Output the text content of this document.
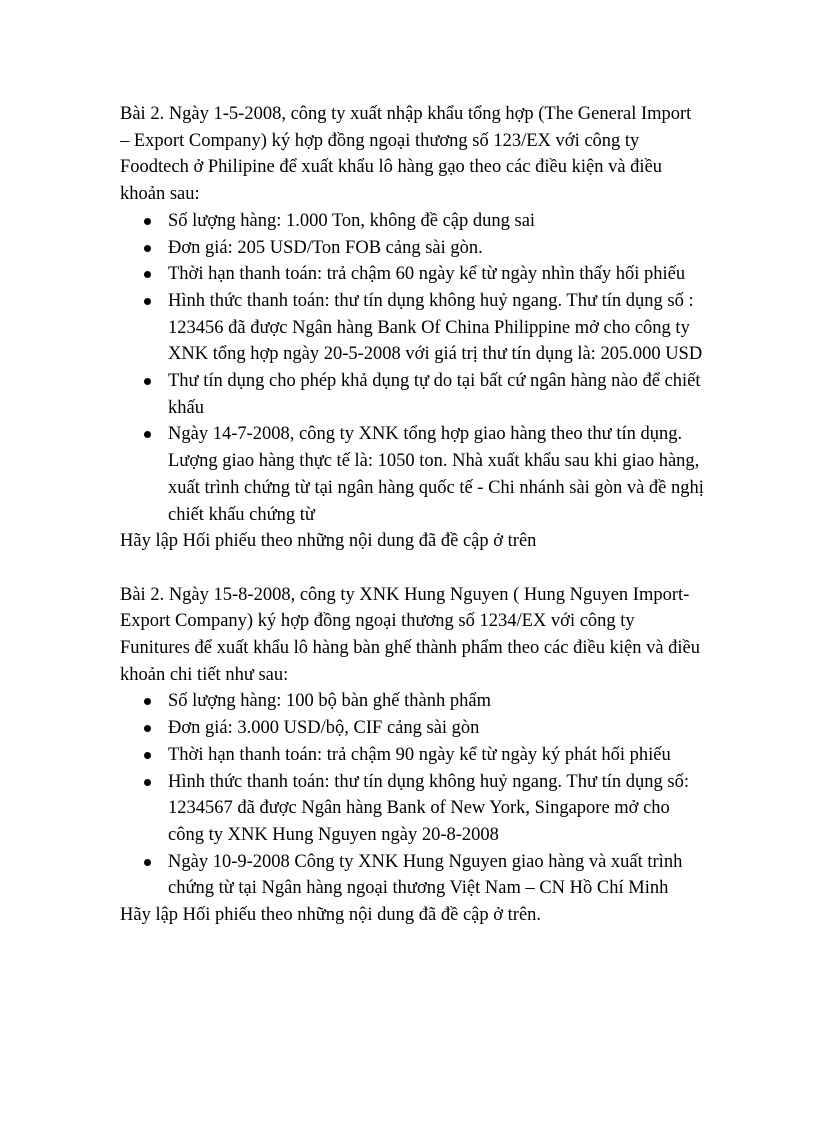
Bài 2. Ngày 1-5-2008, công ty xuất nhập khẩu tổng hợp (The General Import – Export Company) ký hợp đồng ngoại thương số 123/EX với công ty Foodtech ở Philipine để xuất khẩu lô hàng gạo theo các điều kiện và điều khoản sau:

Số lượng hàng: 1.000 Ton, không đề cập dung sai
Đơn giá: 205 USD/Ton FOB cảng sài gòn.
Thời hạn thanh toán: trả chậm 60 ngày kể từ ngày nhìn thấy hối phiếu
Hình thức thanh toán: thư tín dụng không huỷ ngang. Thư tín dụng số : 123456 đã được Ngân hàng Bank Of China Philippine mở cho công ty XNK tổng hợp ngày 20-5-2008 với giá trị thư tín dụng là: 205.000 USD
Thư tín dụng cho phép khả dụng tự do tại bất cứ ngân hàng nào để chiết khấu
Ngày 14-7-2008, công ty XNK tổng hợp giao hàng theo thư tín dụng. Lượng giao hàng thực tế là: 1050 ton. Nhà xuất khẩu sau khi giao hàng, xuất trình chứng từ tại ngân hàng quốc tế - Chi nhánh sài gòn và đề nghị chiết khấu chứng từ

Hãy lập Hối phiếu theo những nội dung đã đề cập ở trên

Bài 2. Ngày 15-8-2008, công ty XNK Hung Nguyen ( Hung Nguyen Import-Export Company) ký hợp đồng ngoại thương số 1234/EX với công ty Funitures để xuất khẩu lô hàng bàn ghế thành phẩm theo các điều kiện và điều khoản chi tiết như sau:

Số lượng hàng: 100 bộ bàn ghế thành phẩm
Đơn giá: 3.000 USD/bộ, CIF cảng sài gòn
Thời hạn thanh toán: trả chậm 90 ngày kể từ ngày ký phát hối phiếu
Hình thức thanh toán: thư tín dụng không huỷ ngang. Thư tín dụng số: 1234567 đã được Ngân hàng Bank of New York, Singapore mở cho công ty XNK Hung Nguyen ngày 20-8-2008
Ngày 10-9-2008 Công ty XNK Hung Nguyen giao hàng và xuất trình chứng từ tại Ngân hàng ngoại thương Việt Nam – CN Hồ Chí Minh

Hãy lập Hối phiếu theo những nội dung đã đề cập ở trên.
